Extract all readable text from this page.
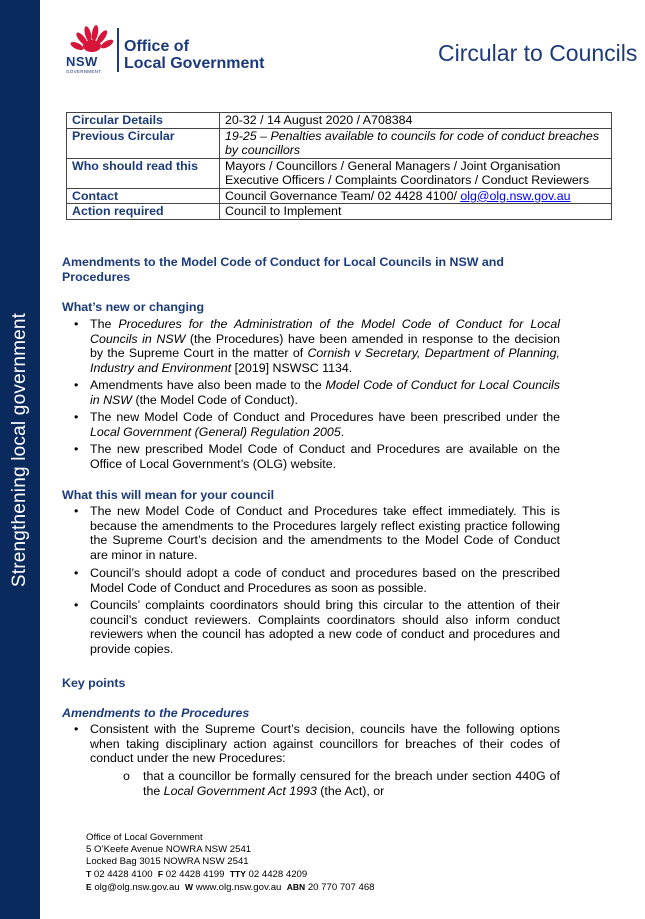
Strengthening local government
NSW
GOVERNMENT
Office of
Local Government	Circular to Councils
Circular Details	20-32 / 14 August 2020 / A708384
Previous Circular	19-25 – Penalties available to councils for code of conduct breaches by councillors
Who should read this	Mayors / Councillors / General Managers / Joint Organisation Executive Officers / Complaints Coordinators / Conduct Reviewers
Contact	Council Governance Team/ 02 4428 4100/ olg@olg.nsw.gov.au
Action required	Council to Implement
Amendments to the Model Code of Conduct for Local Councils in NSW and Procedures
What’s new or changing
• The Procedures for the Administration of the Model Code of Conduct for Local Councils in NSW (the Procedures) have been amended in response to the decision by the Supreme Court in the matter of Cornish v Secretary, Department of Planning, Industry and Environment [2019] NSWSC 1134.
• Amendments have also been made to the Model Code of Conduct for Local Councils in NSW (the Model Code of Conduct).
• The new Model Code of Conduct and Procedures have been prescribed under the Local Government (General) Regulation 2005.
• The new prescribed Model Code of Conduct and Procedures are available on the Office of Local Government’s (OLG) website.
What this will mean for your council
• The new Model Code of Conduct and Procedures take effect immediately. This is because the amendments to the Procedures largely reflect existing practice following the Supreme Court’s decision and the amendments to the Model Code of Conduct are minor in nature.
• Council’s should adopt a code of conduct and procedures based on the prescribed Model Code of Conduct and Procedures as soon as possible.
• Councils’ complaints coordinators should bring this circular to the attention of their council’s conduct reviewers. Complaints coordinators should also inform conduct reviewers when the council has adopted a new code of conduct and procedures and provide copies.
Key points
Amendments to the Procedures
• Consistent with the Supreme Court’s decision, councils have the following options when taking disciplinary action against councillors for breaches of their codes of conduct under the new Procedures:
o that a councillor be formally censured for the breach under section 440G of the Local Government Act 1993 (the Act), or
Office of Local Government
5 O’Keefe Avenue NOWRA NSW 2541
Locked Bag 3015 NOWRA NSW 2541
T 02 4428 4100 F 02 4428 4199 TTY 02 4428 4209
E olg@olg.nsw.gov.au W www.olg.nsw.gov.au ABN 20 770 707 468
